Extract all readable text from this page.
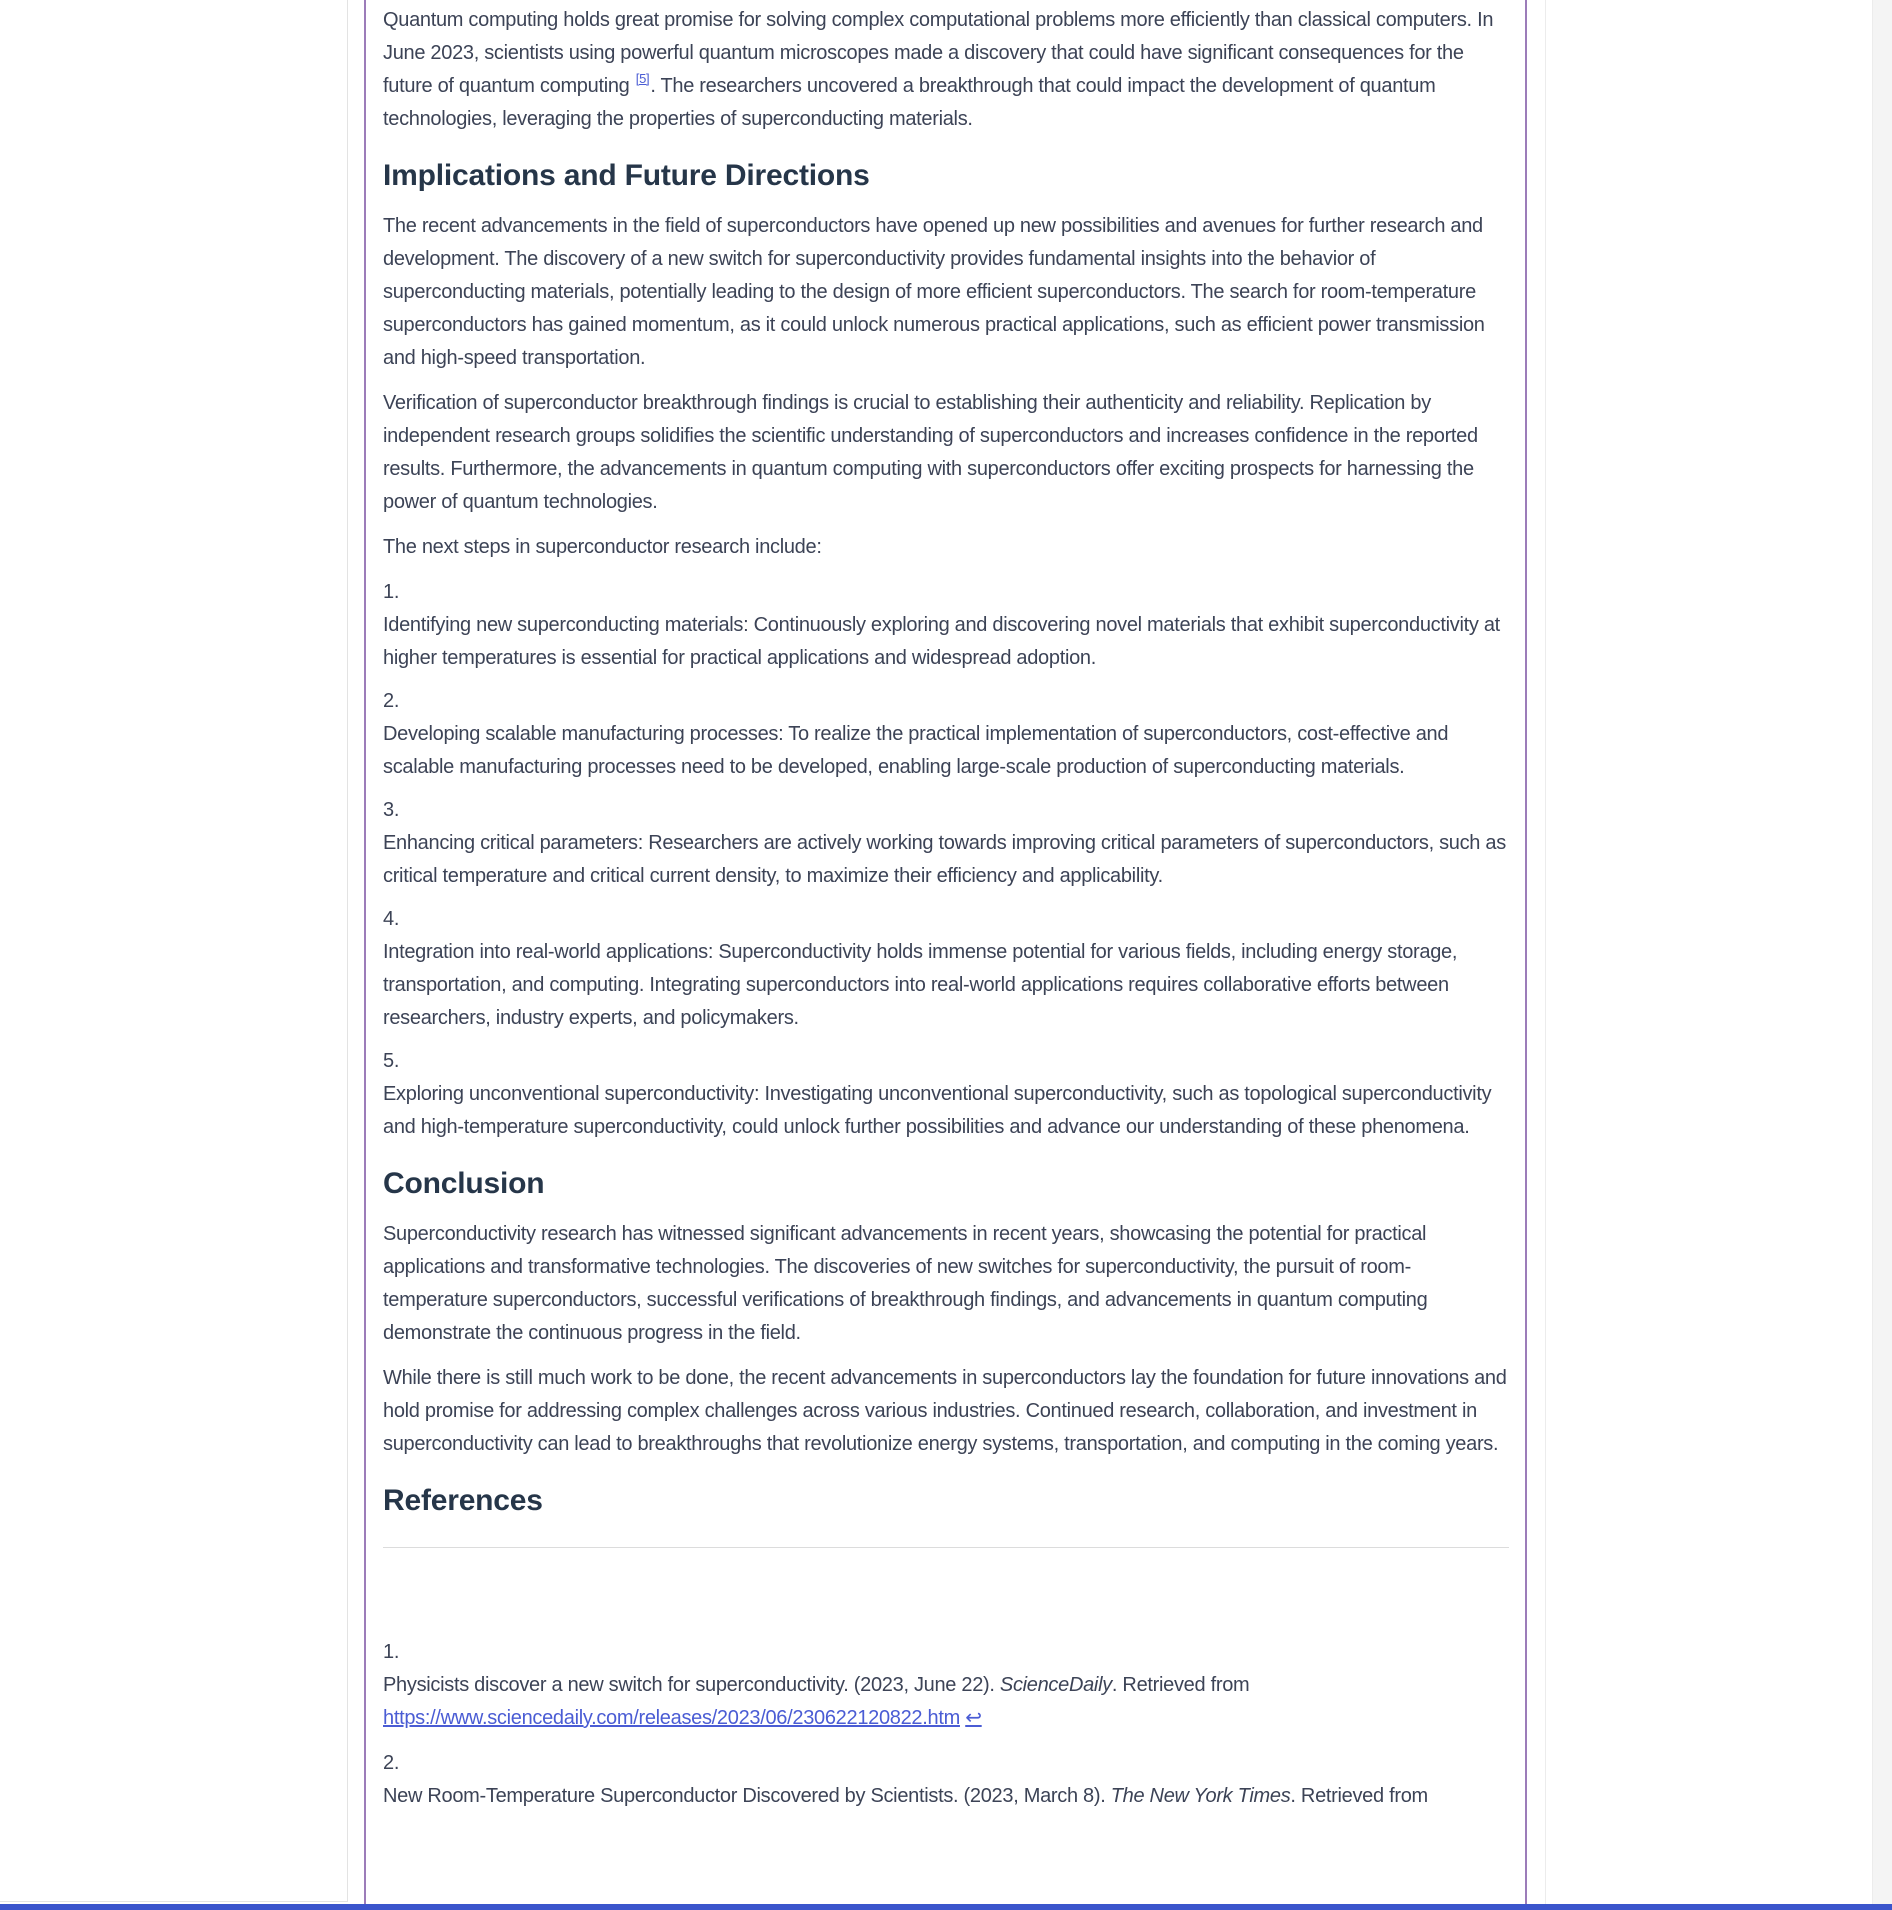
Quantum computing holds great promise for solving complex computational problems more efficiently than classical computers. In June 2023, scientists using powerful quantum microscopes made a discovery that could have significant consequences for the future of quantum computing [5]. The researchers uncovered a breakthrough that could impact the development of quantum technologies, leveraging the properties of superconducting materials.

Implications and Future Directions

The recent advancements in the field of superconductors have opened up new possibilities and avenues for further research and development. The discovery of a new switch for superconductivity provides fundamental insights into the behavior of superconducting materials, potentially leading to the design of more efficient superconductors. The search for room-temperature superconductors has gained momentum, as it could unlock numerous practical applications, such as efficient power transmission and high-speed transportation.

Verification of superconductor breakthrough findings is crucial to establishing their authenticity and reliability. Replication by independent research groups solidifies the scientific understanding of superconductors and increases confidence in the reported results. Furthermore, the advancements in quantum computing with superconductors offer exciting prospects for harnessing the power of quantum technologies.

The next steps in superconductor research include:

1.

Identifying new superconducting materials: Continuously exploring and discovering novel materials that exhibit superconductivity at higher temperatures is essential for practical applications and widespread adoption.

2.

Developing scalable manufacturing processes: To realize the practical implementation of superconductors, cost-effective and scalable manufacturing processes need to be developed, enabling large-scale production of superconducting materials.

3.

Enhancing critical parameters: Researchers are actively working towards improving critical parameters of superconductors, such as critical temperature and critical current density, to maximize their efficiency and applicability.

4.

Integration into real-world applications: Superconductivity holds immense potential for various fields, including energy storage, transportation, and computing. Integrating superconductors into real-world applications requires collaborative efforts between researchers, industry experts, and policymakers.

5.

Exploring unconventional superconductivity: Investigating unconventional superconductivity, such as topological superconductivity and high-temperature superconductivity, could unlock further possibilities and advance our understanding of these phenomena.

Conclusion

Superconductivity research has witnessed significant advancements in recent years, showcasing the potential for practical applications and transformative technologies. The discoveries of new switches for superconductivity, the pursuit of room-temperature superconductors, successful verifications of breakthrough findings, and advancements in quantum computing demonstrate the continuous progress in the field.

While there is still much work to be done, the recent advancements in superconductors lay the foundation for future innovations and hold promise for addressing complex challenges across various industries. Continued research, collaboration, and investment in superconductivity can lead to breakthroughs that revolutionize energy systems, transportation, and computing in the coming years.

References
1.

Physicists discover a new switch for superconductivity. (2023, June 22). ScienceDaily. Retrieved from https://www.sciencedaily.com/releases/2023/06/230622120822.htm ↩

2.

New Room-Temperature Superconductor Discovered by Scientists. (2023, March 8). The New York Times. Retrieved from
